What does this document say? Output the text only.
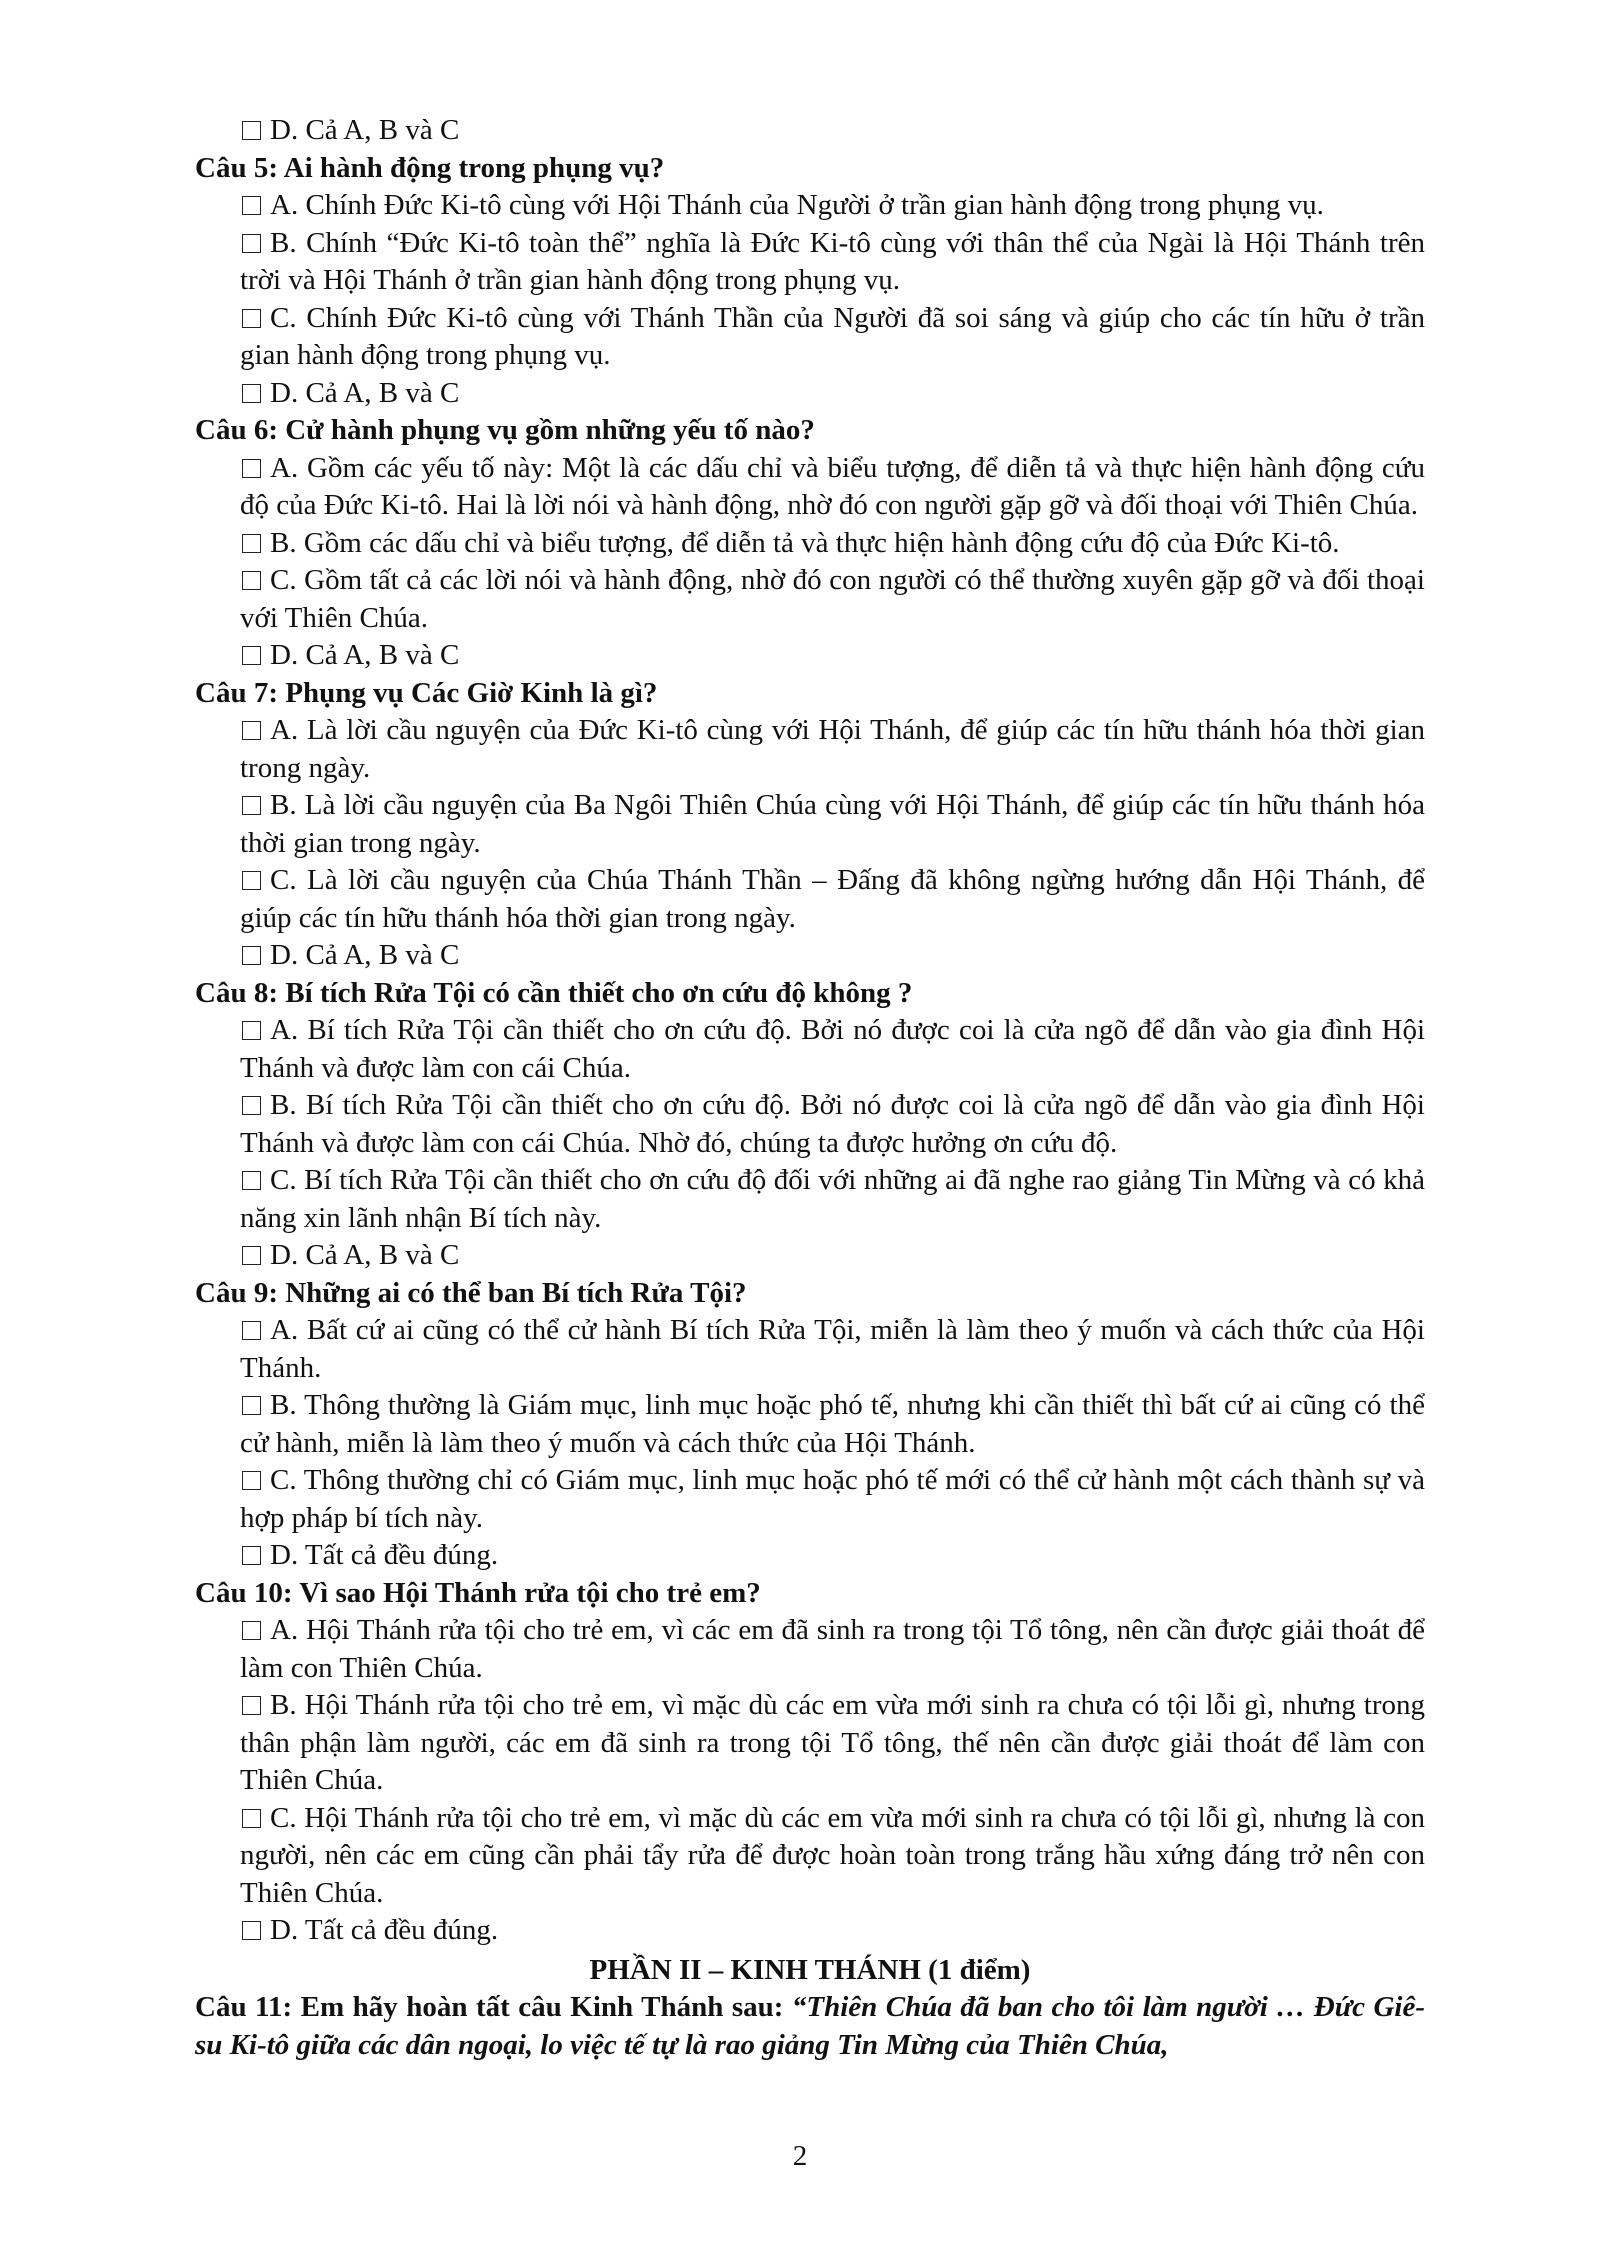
D. Cả A, B và C

Câu 5: Ai hành động trong phụng vụ?

A. Chính Đức Ki-tô cùng với Hội Thánh của Người ở trần gian hành động trong phụng vụ.

B. Chính “Đức Ki-tô toàn thể” nghĩa là Đức Ki-tô cùng với thân thể của Ngài là Hội Thánh trên trời và Hội Thánh ở trần gian hành động trong phụng vụ.

C. Chính Đức Ki-tô cùng với Thánh Thần của Người đã soi sáng và giúp cho các tín hữu ở trần gian hành động trong phụng vụ.

D. Cả A, B và C

Câu 6: Cử hành phụng vụ gồm những yếu tố nào?

A. Gồm các yếu tố này: Một là các dấu chỉ và biểu tượng, để diễn tả và thực hiện hành động cứu độ của Đức Ki-tô. Hai là lời nói và hành động, nhờ đó con người gặp gỡ và đối thoại với Thiên Chúa.

B. Gồm các dấu chỉ và biểu tượng, để diễn tả và thực hiện hành động cứu độ của Đức Ki-tô.

C. Gồm tất cả các lời nói và hành động, nhờ đó con người có thể thường xuyên gặp gỡ và đối thoại với Thiên Chúa.

D. Cả A, B và C

Câu 7: Phụng vụ Các Giờ Kinh là gì?

A. Là lời cầu nguyện của Đức Ki-tô cùng với Hội Thánh, để giúp các tín hữu thánh hóa thời gian trong ngày.

B. Là lời cầu nguyện của Ba Ngôi Thiên Chúa cùng với Hội Thánh, để giúp các tín hữu thánh hóa thời gian trong ngày.

C. Là lời cầu nguyện của Chúa Thánh Thần – Đấng đã không ngừng hướng dẫn Hội Thánh, để giúp các tín hữu thánh hóa thời gian trong ngày.

D. Cả A, B và C

Câu 8: Bí tích Rửa Tội có cần thiết cho ơn cứu độ không ?

A. Bí tích Rửa Tội cần thiết cho ơn cứu độ. Bởi nó được coi là cửa ngõ để dẫn vào gia đình Hội Thánh và được làm con cái Chúa.

B. Bí tích Rửa Tội cần thiết cho ơn cứu độ. Bởi nó được coi là cửa ngõ để dẫn vào gia đình Hội Thánh và được làm con cái Chúa. Nhờ đó, chúng ta được hưởng ơn cứu độ.

C. Bí tích Rửa Tội cần thiết cho ơn cứu độ đối với những ai đã nghe rao giảng Tin Mừng và có khả năng xin lãnh nhận Bí tích này.

D. Cả A, B và C

Câu 9: Những ai có thể ban Bí tích Rửa Tội?

A. Bất cứ ai cũng có thể cử hành Bí tích Rửa Tội, miễn là làm theo ý muốn và cách thức của Hội Thánh.

B. Thông thường là Giám mục, linh mục hoặc phó tế, nhưng khi cần thiết thì bất cứ ai cũng có thể cử hành, miễn là làm theo ý muốn và cách thức của Hội Thánh.

C. Thông thường chỉ có Giám mục, linh mục hoặc phó tế mới có thể cử hành một cách thành sự và hợp pháp bí tích này.

D. Tất cả đều đúng.

Câu 10: Vì sao Hội Thánh rửa tội cho trẻ em?

A. Hội Thánh rửa tội cho trẻ em, vì các em đã sinh ra trong tội Tổ tông, nên cần được giải thoát để làm con Thiên Chúa.

B. Hội Thánh rửa tội cho trẻ em, vì mặc dù các em vừa mới sinh ra chưa có tội lỗi gì, nhưng trong thân phận làm người, các em đã sinh ra trong tội Tổ tông, thế nên cần được giải thoát để làm con Thiên Chúa.

C. Hội Thánh rửa tội cho trẻ em, vì mặc dù các em vừa mới sinh ra chưa có tội lỗi gì, nhưng là con người, nên các em cũng cần phải tẩy rửa để được hoàn toàn trong trắng hầu xứng đáng trở nên con Thiên Chúa.

D. Tất cả đều đúng.

PHẦN II – KINH THÁNH (1 điểm)

Câu 11: Em hãy hoàn tất câu Kinh Thánh sau: “Thiên Chúa đã ban cho tôi làm người … Đức Giê-su Ki-tô giữa các dân ngoại, lo việc tế tự là rao giảng Tin Mừng của Thiên Chúa,

2
